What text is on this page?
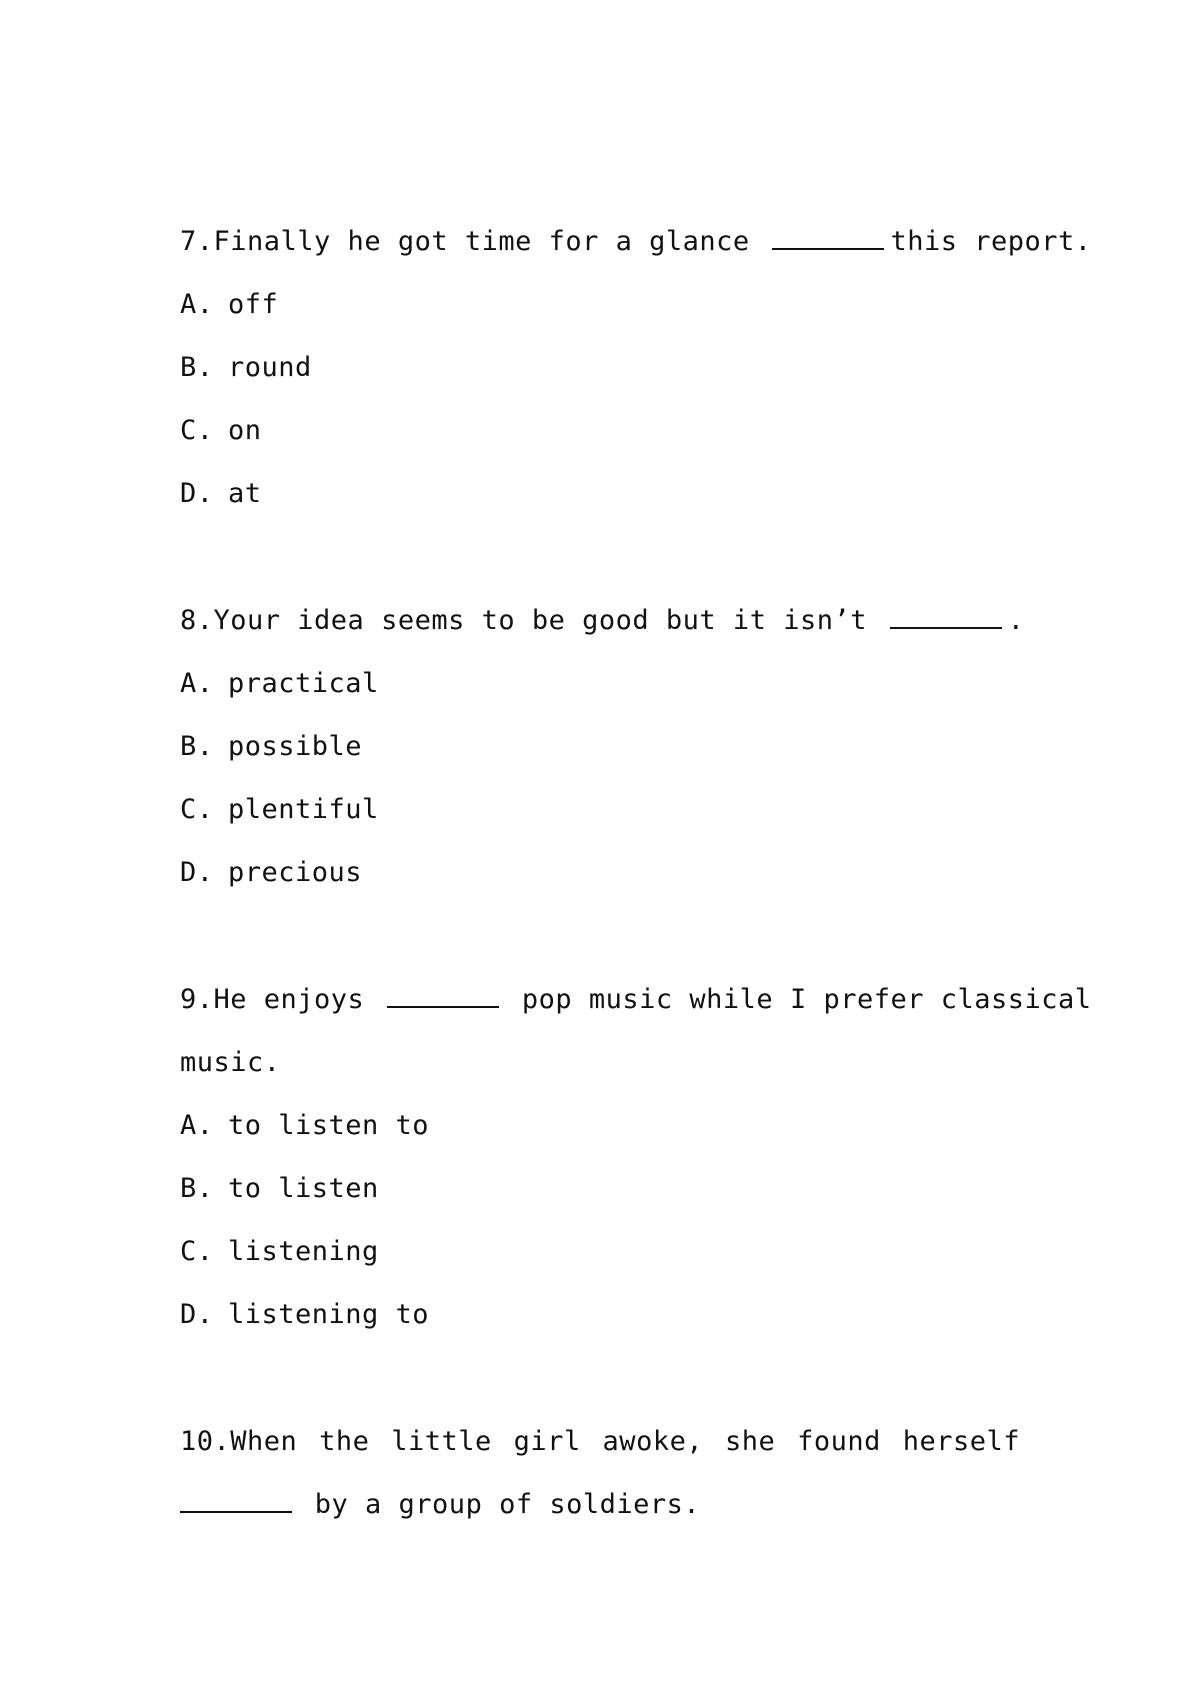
7.Finally he got time for a glance	this report.
A. off
B. round
C. on
D. at
8.Your idea seems to be good but it isn’t	.
A. practical
B. possible
C. plentiful
D. precious
9.He enjoys	pop music while I prefer classical
music.
A. to listen to
B. to listen
C. listening
D. listening to
10.When the little girl awoke, she found herself
by a group of soldiers.
